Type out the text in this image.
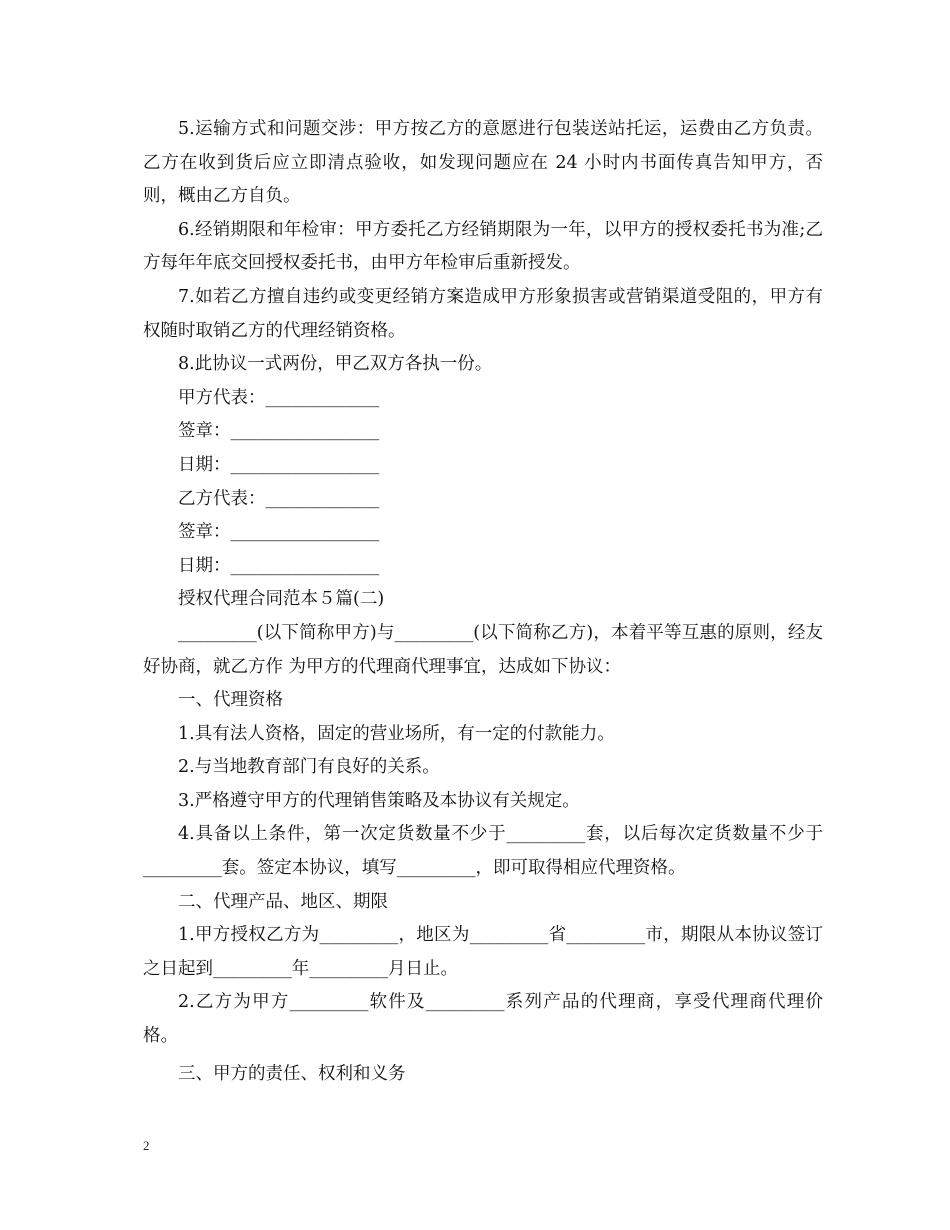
5.运输方式和问题交涉：甲方按乙方的意愿进行包装送站托运，运费由乙方负责。乙方在收到货后应立即清点验收，如发现问题应在 24 小时内书面传真告知甲方，否则，概由乙方自负。

6.经销期限和年检审：甲方委托乙方经销期限为一年，以甲方的授权委托书为准;乙方每年年底交回授权委托书，由甲方年检审后重新授发。

7.如若乙方擅自违约或变更经销方案造成甲方形象损害或营销渠道受阻的，甲方有权随时取销乙方的代理经销资格。

8.此协议一式两份，甲乙双方各执一份。

甲方代表：_____________

签章：_________________

日期：_________________

乙方代表：_____________

签章：_________________

日期：_________________

授权代理合同范本５篇(二)

_________(以下简称甲方)与_________(以下简称乙方)，本着平等互惠的原则，经友好协商，就乙方作 为甲方的代理商代理事宜，达成如下协议：

一、代理资格

1.具有法人资格，固定的营业场所，有一定的付款能力。

2.与当地教育部门有良好的关系。

3.严格遵守甲方的代理销售策略及本协议有关规定。

4.具备以上条件，第一次定货数量不少于_________套，以后每次定货数量不少于_________套。签定本协议，填写_________，即可取得相应代理资格。

二、代理产品、地区、期限

1.甲方授权乙方为_________，地区为_________省_________市，期限从本协议签订之日起到_________年_________月日止。

2.乙方为甲方_________软件及_________系列产品的代理商，享受代理商代理价格。

三、甲方的责任、权利和义务

2
